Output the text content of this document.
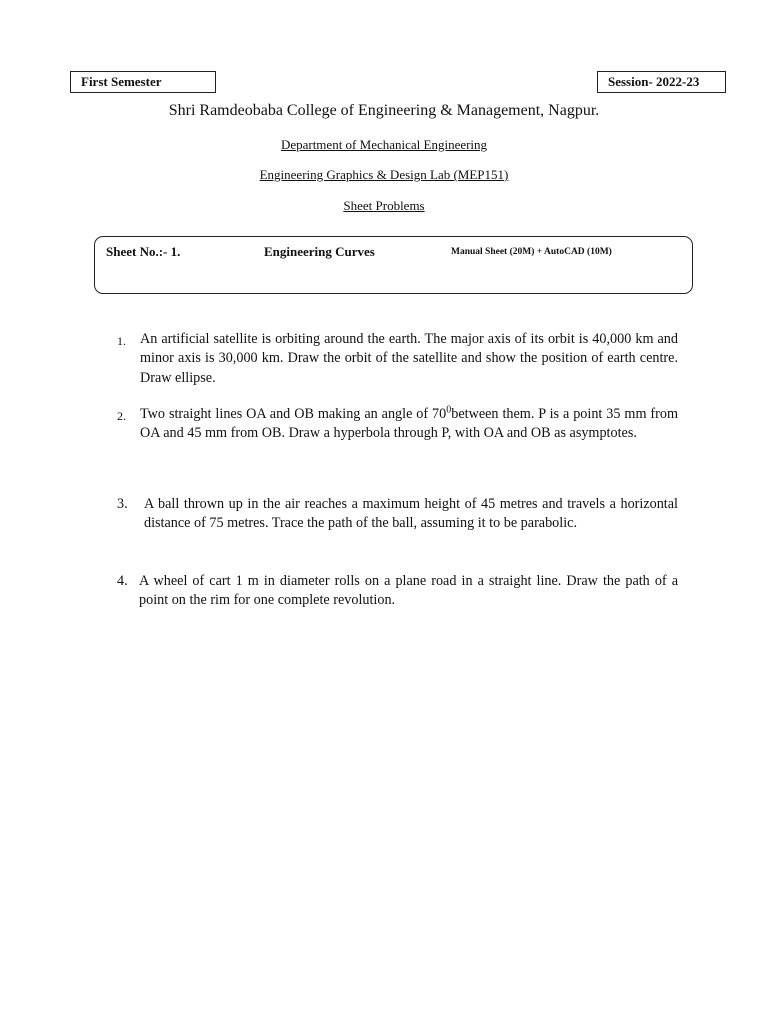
First Semester	Session- 2022-23
Shri Ramdeobaba College of Engineering & Management, Nagpur.
Department of Mechanical Engineering
Engineering Graphics & Design Lab (MEP151)
Sheet Problems
Sheet No.:- 1.	Engineering Curves	Manual Sheet (20M) + AutoCAD (10M)
1. An artificial satellite is orbiting around the earth. The major axis of its orbit is 40,000 km and minor axis is 30,000 km. Draw the orbit of the satellite and show the position of earth centre. Draw ellipse.
2. Two straight lines OA and OB making an angle of $70^0between$ them. P is a point 35 mm from OA and 45 mm from OB. Draw a hyperbola through P, with OA and OB as asymptotes.
3.	A ball thrown up in the air reaches a maximum height of 45 metres and travels a horizontal distance of 75 metres. Trace the path of the ball, assuming it to be parabolic.
4. A wheel of cart 1 m in diameter rolls on a plane road in a straight line. Draw the path of a point on the rim for one complete revolution.
